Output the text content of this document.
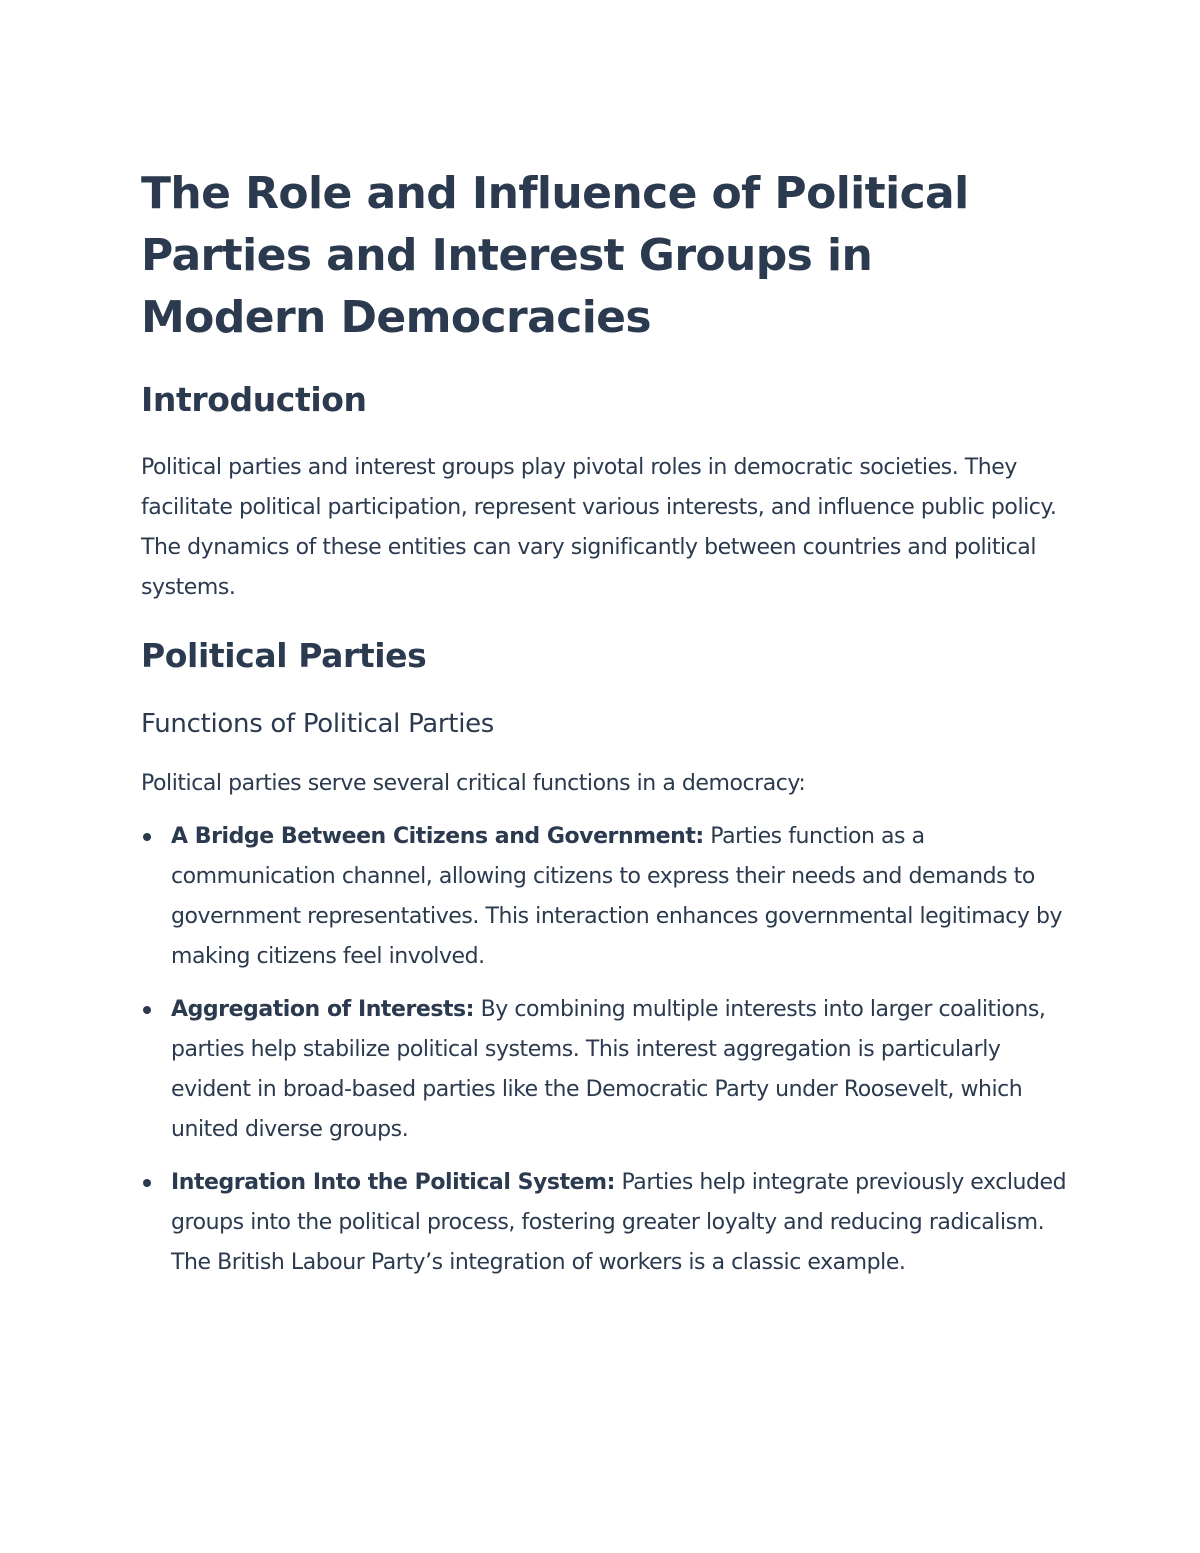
The Role and Influence of Political Parties and Interest Groups in Modern Democracies
Introduction

Political parties and interest groups play pivotal roles in democratic societies. They facilitate political participation, represent various interests, and influence public policy. The dynamics of these entities can vary significantly between countries and political systems.

Political Parties
Functions of Political Parties

Political parties serve several critical functions in a democracy:

A Bridge Between Citizens and Government: Parties function as a communication channel, allowing citizens to express their needs and demands to government representatives. This interaction enhances governmental legitimacy by making citizens feel involved.
Aggregation of Interests: By combining multiple interests into larger coalitions, parties help stabilize political systems. This interest aggregation is particularly evident in broad-based parties like the Democratic Party under Roosevelt, which united diverse groups.
Integration Into the Political System: Parties help integrate previously excluded groups into the political process, fostering greater loyalty and reducing radicalism. The British Labour Party’s integration of workers is a classic example.
